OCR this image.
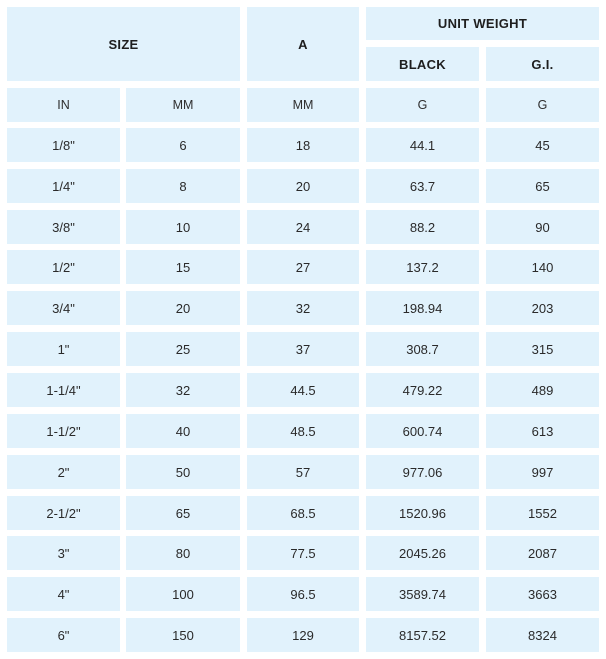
SIZE	A
UNIT WEIGHT
BLACK	G.I.
IN	MM	MM	G	G
1/8"	6	18	44.1	45
1/4"	8	20	63.7	65
3/8"	10	24	88.2	90
1/2"	15	27	137.2	140
3/4"	20	32	198.94	203
1"	25	37	308.7	315
1-1/4"	32	44.5	479.22	489
1-1/2"	40	48.5	600.74	613
2"	50	57	977.06	997
2-1/2"	65	68.5	1520.96	1552
3"	80	77.5	2045.26	2087
4"	100	96.5	3589.74	3663
6"	150	129	8157.52	8324
